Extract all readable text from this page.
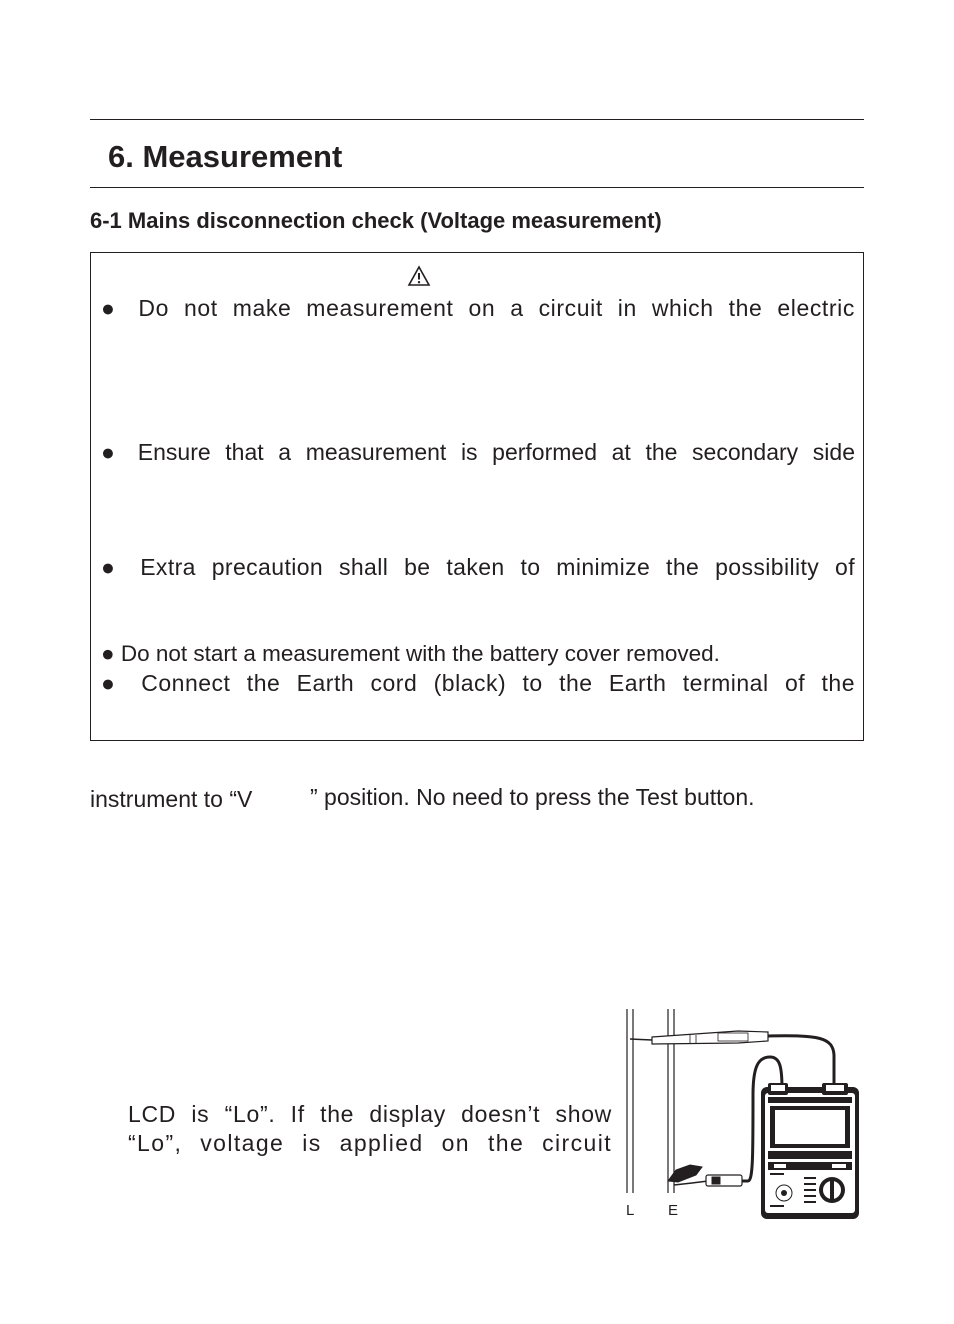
6. Measurement
6-1 Mains disconnection check (Voltage measurement)
● Do not make measurement on a circuit in which the electric
● Ensure that a measurement is performed at the secondary side
● Extra precaution shall be taken to minimize the possibility of
● Do not start a measurement with the battery cover removed.
● Connect the Earth cord (black) to the Earth terminal of the
instrument to “V	” position. No need to press the Test button.
LCD is “Lo”. If the display doesn’t show
“Lo”, voltage is applied on the circuit
L E
